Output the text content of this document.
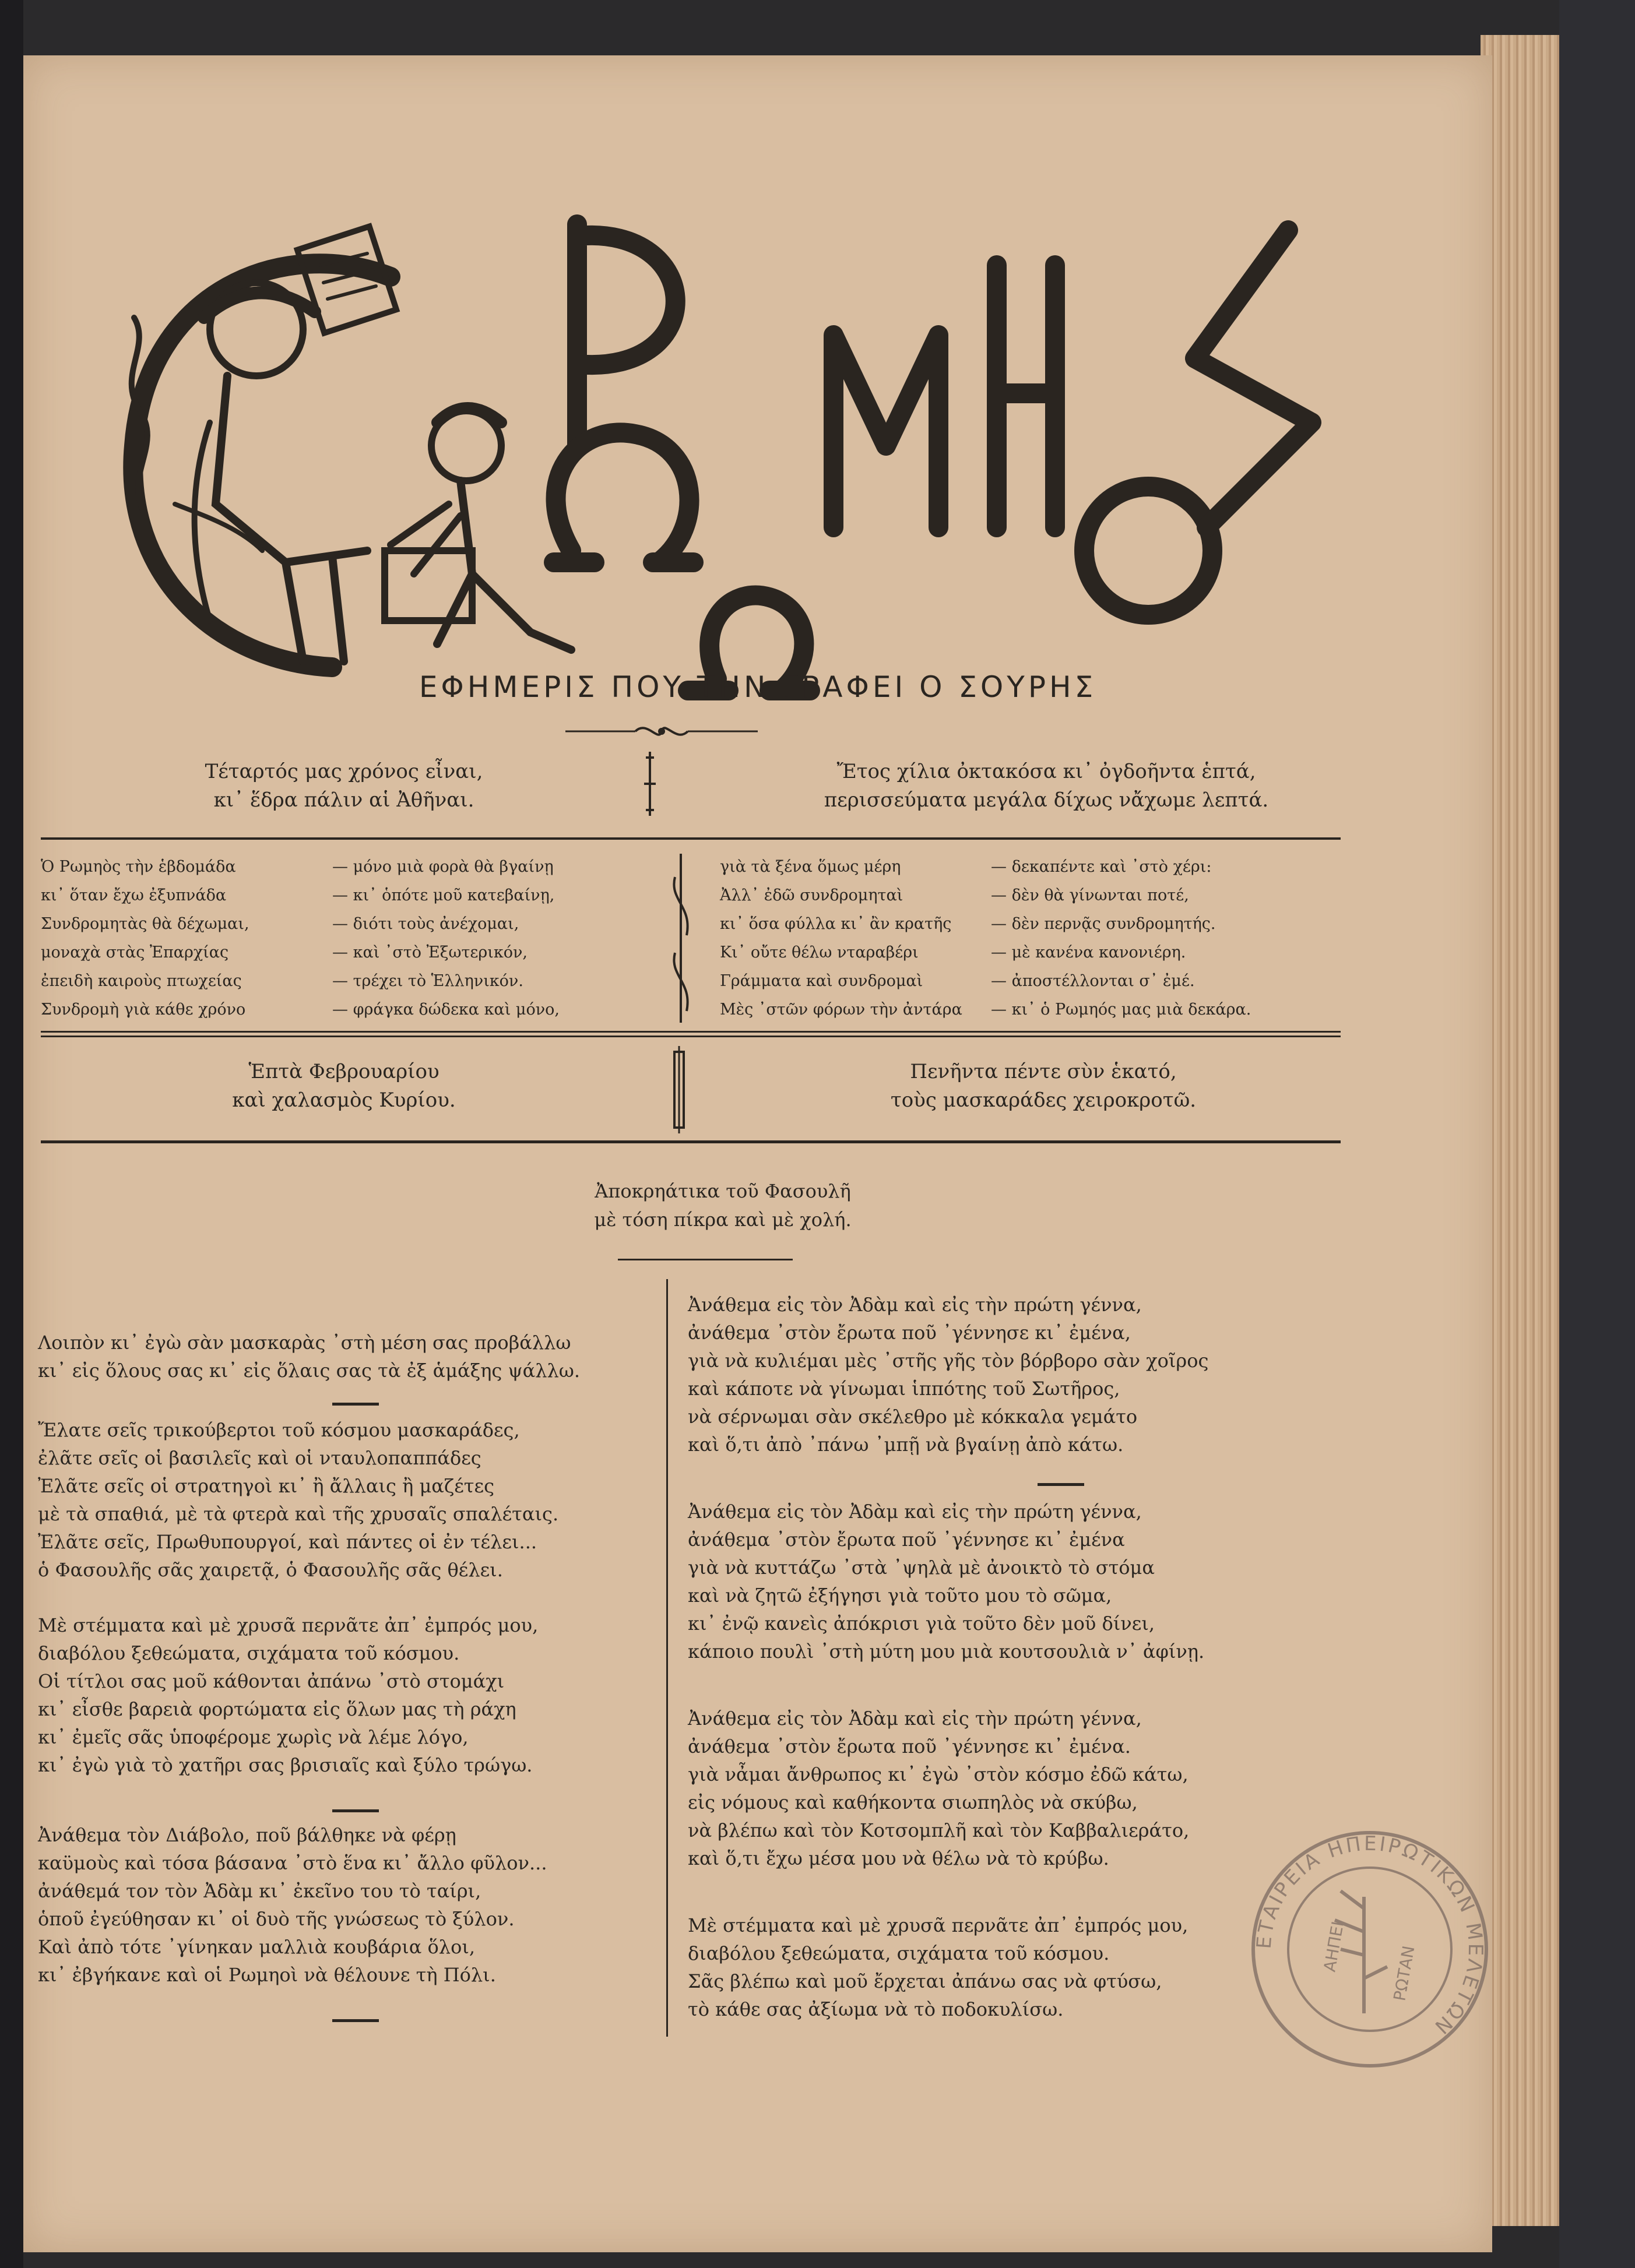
ΕΦΗΜΕΡΙΣ ΠΟΥ ΤΗΝ ΓΡΑΦΕΙ Ο ΣΟΥΡΗΣ
Τέταρτός μας χρόνος εἶναι,
κι᾿ ἕδρα πάλιν αἱ Ἀθῆναι.
Ἔτος χίλια ὀκτακόσα κι᾿ ὀγδοῆντα ἑπτά,
περισσεύματα μεγάλα δίχως νἄχωμε λεπτά.
Ὁ Ρωμηὸς τὴν ἑβδομάδα
κι᾿ ὅταν ἔχω ἐξυπνάδα
Συνδρομητὰς θὰ δέχωμαι,
μοναχὰ στὰς Ἐπαρχίας
ἐπειδὴ καιροὺς πτωχείας
Συνδρομὴ γιὰ κάθε χρόνο
— μόνο μιὰ φορὰ θὰ βγαίνῃ
— κι᾿ ὁπότε μοῦ κατεβαίνῃ,
— διότι τοὺς ἀνέχομαι,
— καὶ ᾿στὸ Ἐξωτερικόν,
— τρέχει τὸ Ἑλληνικόν.
— φράγκα δώδεκα καὶ μόνο,
γιὰ τὰ ξένα ὅμως μέρη
Ἀλλ᾿ ἐδῶ συνδρομηταὶ
κι᾿ ὅσα φύλλα κι᾿ ἂν κρατῆς
Κι᾿ οὔτε θέλω νταραβέρι
Γράμματα καὶ συνδρομαὶ
Μὲς ᾿στῶν φόρων τὴν ἀντάρα
— δεκαπέντε καὶ ᾿στὸ χέρι:
— δὲν θὰ γίνωνται ποτέ,
— δὲν περνᾷς συνδρομητής.
— μὲ κανένα κανονιέρη.
— ἀποστέλλονται σ᾿ ἐμέ.
— κι᾿ ὁ Ρωμηός μας μιὰ δεκάρα.
Ἑπτὰ Φεβρουαρίου
καὶ χαλασμὸς Κυρίου.
Πενῆντα πέντε σὺν ἑκατό,
τοὺς μασκαράδες χειροκροτῶ.
Ἀποκρηάτικα τοῦ Φασουλῆ
μὲ τόση πίκρα καὶ μὲ χολή.
Λοιπὸν κι᾿ ἐγὼ σὰν μασκαρὰς ᾿στὴ μέση σας προβάλλω
κι᾿ εἰς ὅλους σας κι᾿ εἰς ὅλαις σας τὰ ἐξ ἁμάξης ψάλλω.
Ἔλατε σεῖς τρικούβερτοι τοῦ κόσμου μασκαράδες,
ἐλᾶτε σεῖς οἱ βασιλεῖς καὶ οἱ νταυλοπαππάδες
Ἐλᾶτε σεῖς οἱ στρατηγοὶ κι᾿ ἢ ἄλλαις ἢ μαζέτες
μὲ τὰ σπαθιά, μὲ τὰ φτερὰ καὶ τῆς χρυσαῖς σπαλέταις.
Ἐλᾶτε σεῖς, Πρωθυπουργοί, καὶ πάντες οἱ ἐν τέλει...
ὁ Φασουλῆς σᾶς χαιρετᾷ, ὁ Φασουλῆς σᾶς θέλει.
Μὲ στέμματα καὶ μὲ χρυσᾶ περνᾶτε ἀπ᾿ ἐμπρός μου,
διαβόλου ξεθεώματα, σιχάματα τοῦ κόσμου.
Οἱ τίτλοι σας μοῦ κάθονται ἀπάνω ᾿στὸ στομάχι
κι᾿ εἶσθε βαρειὰ φορτώματα εἰς ὅλων μας τὴ ράχη
κι᾿ ἐμεῖς σᾶς ὑποφέρομε χωρὶς νὰ λέμε λόγο,
κι᾿ ἐγὼ γιὰ τὸ χατῆρι σας βρισιαῖς καὶ ξύλο τρώγω.
Ἀνάθεμα τὸν Διάβολο, ποῦ βάλθηκε νὰ φέρῃ
καϋμοὺς καὶ τόσα βάσανα ᾿στὸ ἕνα κι᾿ ἄλλο φῦλον...
ἀνάθεμά τον τὸν Ἀδὰμ κι᾿ ἐκεῖνο του τὸ ταίρι,
ὁποῦ ἐγεύθησαν κι᾿ οἱ δυὸ τῆς γνώσεως τὸ ξύλον.
Καὶ ἀπὸ τότε ᾿γίνηκαν μαλλιὰ κουβάρια ὅλοι,
κι᾿ ἐβγήκανε καὶ οἱ Ρωμηοὶ νὰ θέλουνε τὴ Πόλι.
Ἀνάθεμα εἰς τὸν Ἀδὰμ καὶ εἰς τὴν πρώτη γέννα,
ἀνάθεμα ᾿στὸν ἔρωτα ποῦ ᾿γέννησε κι᾿ ἐμένα,
γιὰ νὰ κυλιέμαι μὲς ᾿στῆς γῆς τὸν βόρβορο σὰν χοῖρος
καὶ κάποτε νὰ γίνωμαι ἱππότης τοῦ Σωτῆρος,
νὰ σέρνωμαι σὰν σκέλεθρο μὲ κόκκαλα γεμάτο
καὶ ὅ,τι ἀπὸ ᾿πάνω ᾿μπῇ νὰ βγαίνῃ ἀπὸ κάτω.
Ἀνάθεμα εἰς τὸν Ἀδὰμ καὶ εἰς τὴν πρώτη γέννα,
ἀνάθεμα ᾿στὸν ἔρωτα ποῦ ᾿γέννησε κι᾿ ἐμένα
γιὰ νὰ κυττάζω ᾿στὰ ᾿ψηλὰ μὲ ἀνοικτὸ τὸ στόμα
καὶ νὰ ζητῶ ἐξήγησι γιὰ τοῦτο μου τὸ σῶμα,
κι᾿ ἐνῷ κανεὶς ἀπόκρισι γιὰ τοῦτο δὲν μοῦ δίνει,
κάποιο πουλὶ ᾿στὴ μύτη μου μιὰ κουτσουλιὰ ν᾿ ἀφίνῃ.
Ἀνάθεμα εἰς τὸν Ἀδὰμ καὶ εἰς τὴν πρώτη γέννα,
ἀνάθεμα ᾿στὸν ἔρωτα ποῦ ᾿γέννησε κι᾿ ἐμένα.
γιὰ νἆμαι ἄνθρωπος κι᾿ ἐγὼ ᾿στὸν κόσμο ἐδῶ κάτω,
εἰς νόμους καὶ καθήκοντα σιωπηλὸς νὰ σκύβω,
νὰ βλέπω καὶ τὸν Κοτσομπλῆ καὶ τὸν Καββαλιεράτο,
καὶ ὅ,τι ἔχω μέσα μου νὰ θέλω νὰ τὸ κρύβω.
Μὲ στέμματα καὶ μὲ χρυσᾶ περνᾶτε ἀπ᾿ ἐμπρός μου,
διαβόλου ξεθεώματα, σιχάματα τοῦ κόσμου.
Σᾶς βλέπω καὶ μοῦ ἔρχεται ἀπάνω σας νὰ φτύσω,
τὸ κάθε σας ἀξίωμα νὰ τὸ ποδοκυλίσω.
ΕΤΑΙΡΕΙΑ ΗΠΕΙΡΩΤΙΚΩΝ ΜΕΛΕΤΩΝ
ΑΗΠΕΙ	ΡΩΤΑΝ
